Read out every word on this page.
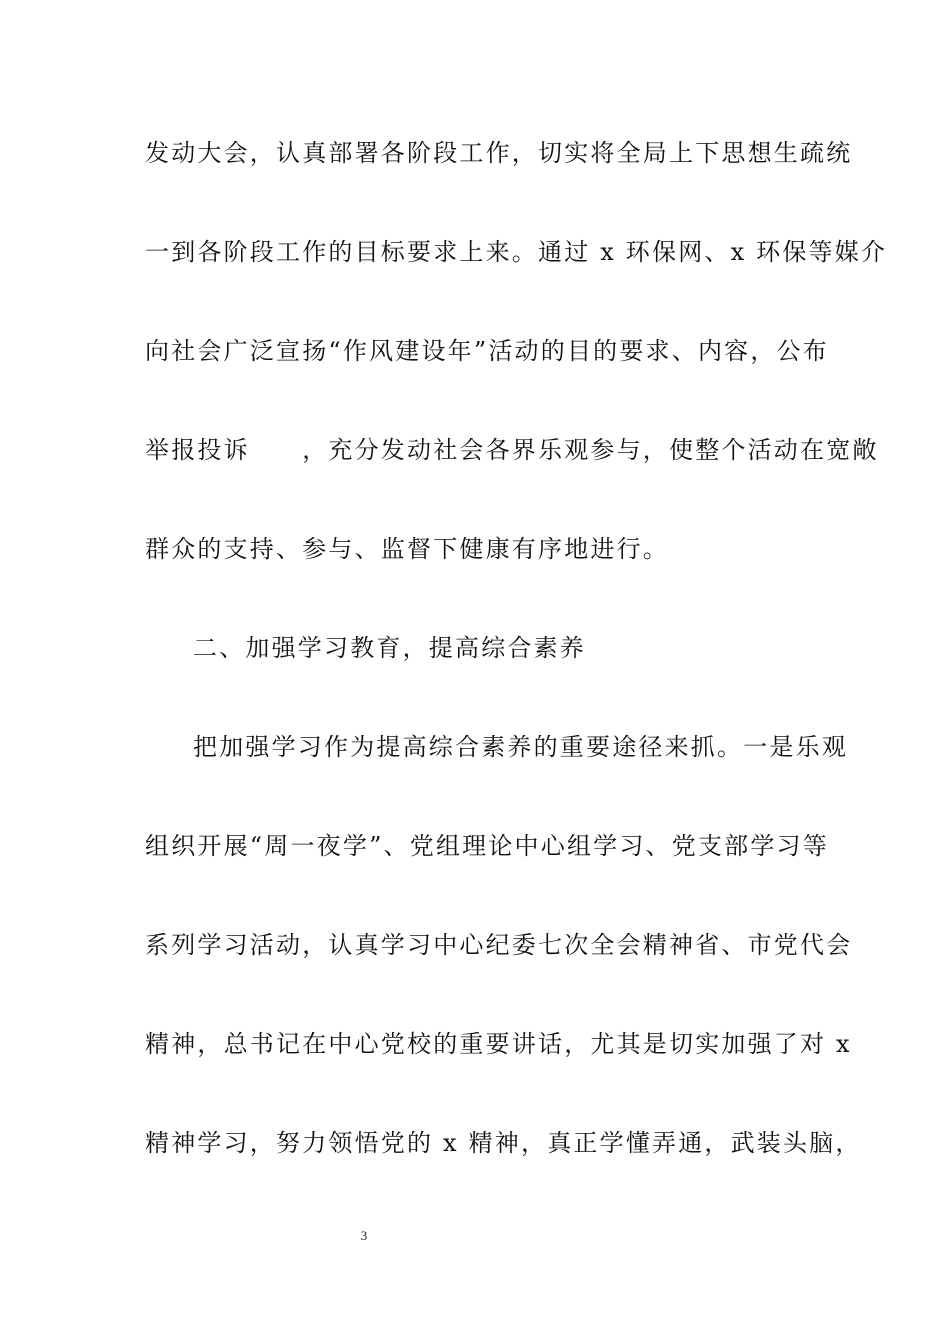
发动大会，认真部署各阶段工作，切实将全局上下思想生疏统
一到各阶段工作的目标要求上来。通过 x 环保网、x 环保等媒介
向社会广泛宣扬“作风建设年”活动的目的要求、内容，公布
举报投诉　　，充分发动社会各界乐观参与，使整个活动在宽敞
群众的支持、参与、监督下健康有序地进行。
二、加强学习教育，提高综合素养
把加强学习作为提高综合素养的重要途径来抓。一是乐观
组织开展“周一夜学”、党组理论中心组学习、党支部学习等
系列学习活动，认真学习中心纪委七次全会精神省、市党代会
精神，总书记在中心党校的重要讲话，尤其是切实加强了对 x
精神学习，努力领悟党的 x 精神，真正学懂弄通，武装头脑，
3
